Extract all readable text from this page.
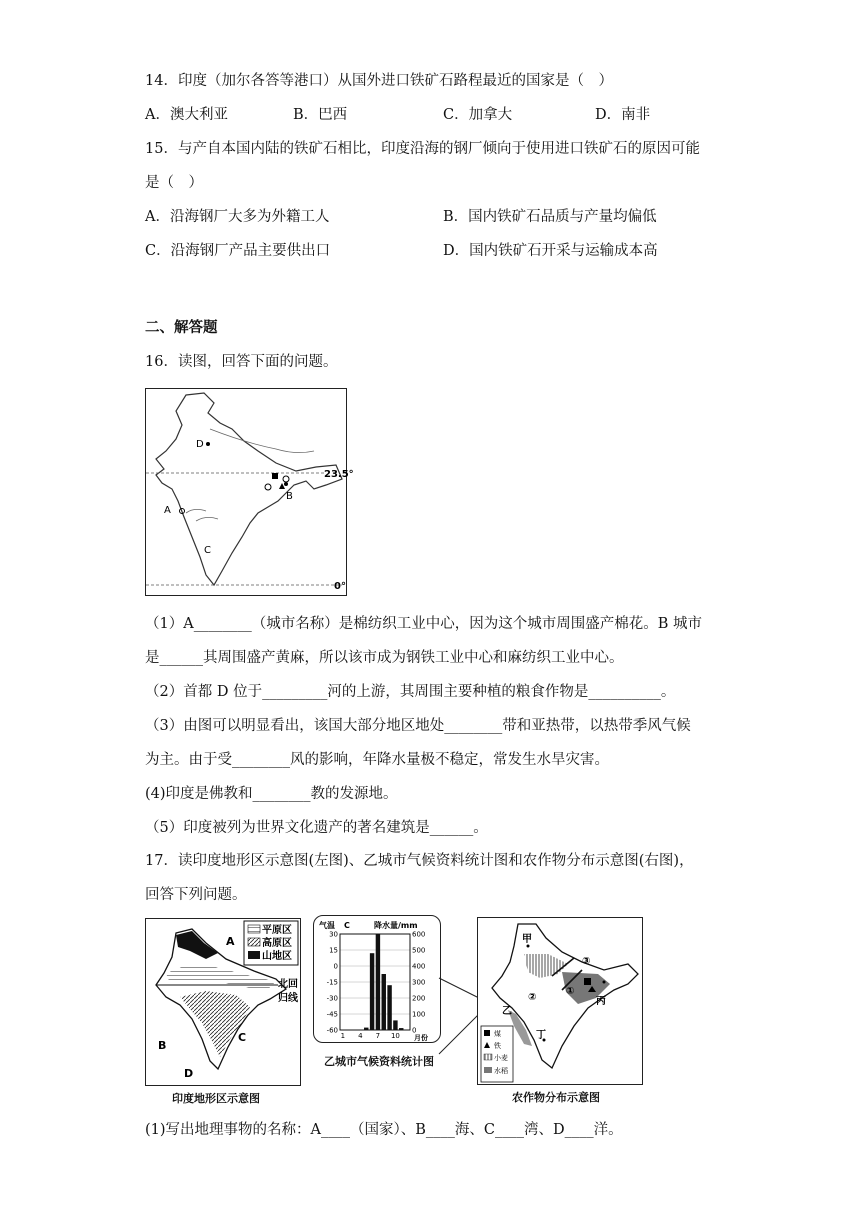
14．印度（加尔各答等港口）从国外进口铁矿石路程最近的国家是（　）
A．澳大利亚	B．巴西	C．加拿大	D．南非
15．与产自本国内陆的铁矿石相比，印度沿海的钢厂倾向于使用进口铁矿石的原因可能
是（　）
A．沿海钢厂大多为外籍工人	B．国内铁矿石品质与产量均偏低
C．沿海钢厂产品主要供出口	D．国内铁矿石开采与运输成本高
二、解答题
16．读图，回答下面的问题。
D
A
B
C
23.5°
0°
（1）A________（城市名称）是棉纺织工业中心，因为这个城市周围盛产棉花。B 城市
是______其周围盛产黄麻，所以该市成为钢铁工业中心和麻纺织工业中心。
（2）首都 D 位于_________河的上游，其周围主要种植的粮食作物是__________。
（3）由图可以明显看出，该国大部分地区地处________带和亚热带，以热带季风气候
为主。由于受________风的影响，年降水量极不稳定，常发生水旱灾害。
(4)印度是佛教和________教的发源地。
（5）印度被列为世界文化遗产的著名建筑是______。
17．读印度地形区示意图(左图)、乙城市气候资料统计图和农作物分布示意图(右图)，
回答下列问题。
平原区
高原区
山地区
A
B
C
D
北回
归线
印度地形区示意图
气温 C	降水量/mm
30	600
15	500
0	400
-15	300
-30	200
-45	100
-60	0
1 4 7 10 月份
乙城市气候资料统计图
甲
乙
丙
丁
①
②
③
煤
铁
小麦
水稻
农作物分布示意图
(1)写出地理事物的名称：A____（国家）、B____海、C____湾、D____洋。
